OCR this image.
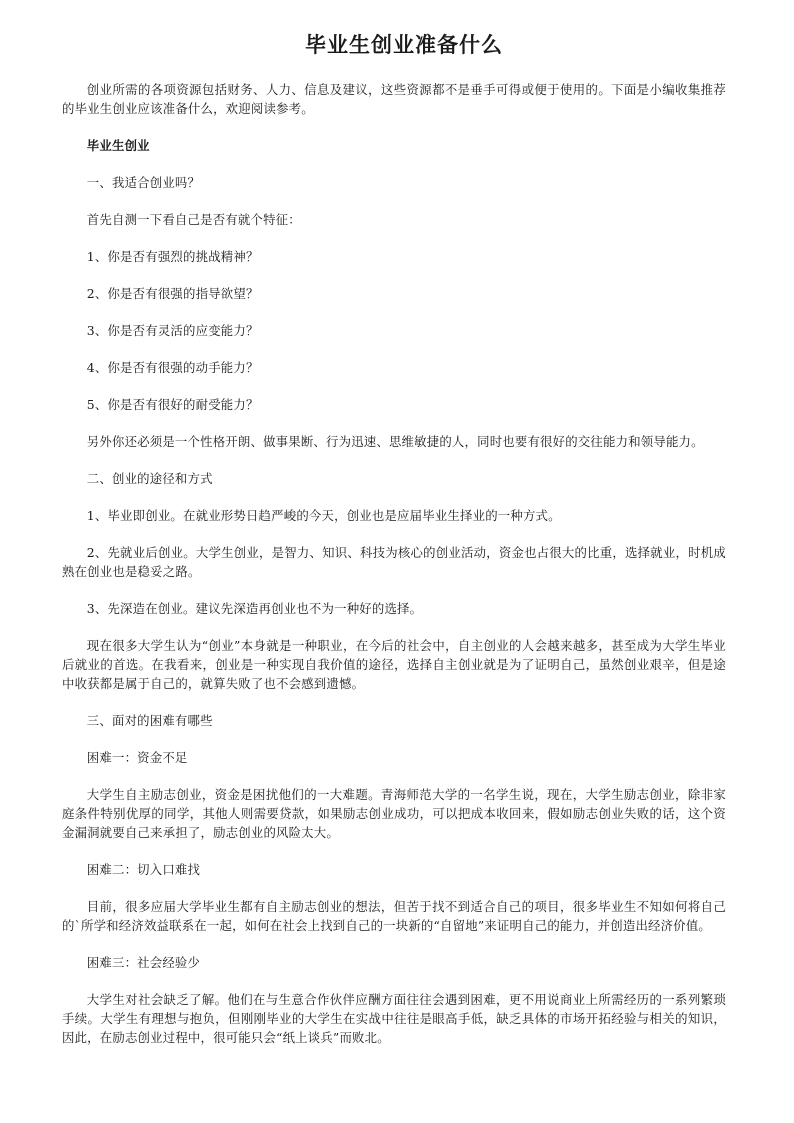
毕业生创业准备什么

创业所需的各项资源包括财务、人力、信息及建议，这些资源都不是垂手可得或便于使用的。下面是小编收集推荐的毕业生创业应该准备什么，欢迎阅读参考。

毕业生创业

一、我适合创业吗？

首先自测一下看自己是否有就个特征：

1、你是否有强烈的挑战精神？

2、你是否有很强的指导欲望？

3、你是否有灵活的应变能力？

4、你是否有很强的动手能力？

5、你是否有很好的耐受能力？

另外你还必须是一个性格开朗、做事果断、行为迅速、思维敏捷的人，同时也要有很好的交往能力和领导能力。

二、创业的途径和方式

1、毕业即创业。在就业形势日趋严峻的今天，创业也是应届毕业生择业的一种方式。

2、先就业后创业。大学生创业，是智力、知识、科技为核心的创业活动，资金也占很大的比重，选择就业，时机成熟在创业也是稳妥之路。

3、先深造在创业。建议先深造再创业也不为一种好的选择。

现在很多大学生认为“创业”本身就是一种职业，在今后的社会中，自主创业的人会越来越多，甚至成为大学生毕业后就业的首选。在我看来，创业是一种实现自我价值的途径，选择自主创业就是为了证明自己，虽然创业艰辛，但是途中收获都是属于自己的，就算失败了也不会感到遗憾。

三、面对的困难有哪些

困难一：资金不足

大学生自主励志创业，资金是困扰他们的一大难题。青海师范大学的一名学生说，现在，大学生励志创业，除非家庭条件特别优厚的同学，其他人则需要贷款，如果励志创业成功，可以把成本收回来，假如励志创业失败的话，这个资金漏洞就要自己来承担了，励志创业的风险太大。

困难二：切入口难找

目前，很多应届大学毕业生都有自主励志创业的想法，但苦于找不到适合自己的项目，很多毕业生不知如何将自己的`所学和经济效益联系在一起，如何在社会上找到自己的一块新的“自留地”来证明自己的能力，并创造出经济价值。

困难三：社会经验少

大学生对社会缺乏了解。他们在与生意合作伙伴应酬方面往往会遇到困难，更不用说商业上所需经历的一系列繁琐手续。大学生有理想与抱负，但刚刚毕业的大学生在实战中往往是眼高手低，缺乏具体的市场开拓经验与相关的知识，因此，在励志创业过程中，很可能只会“纸上谈兵”而败北。
